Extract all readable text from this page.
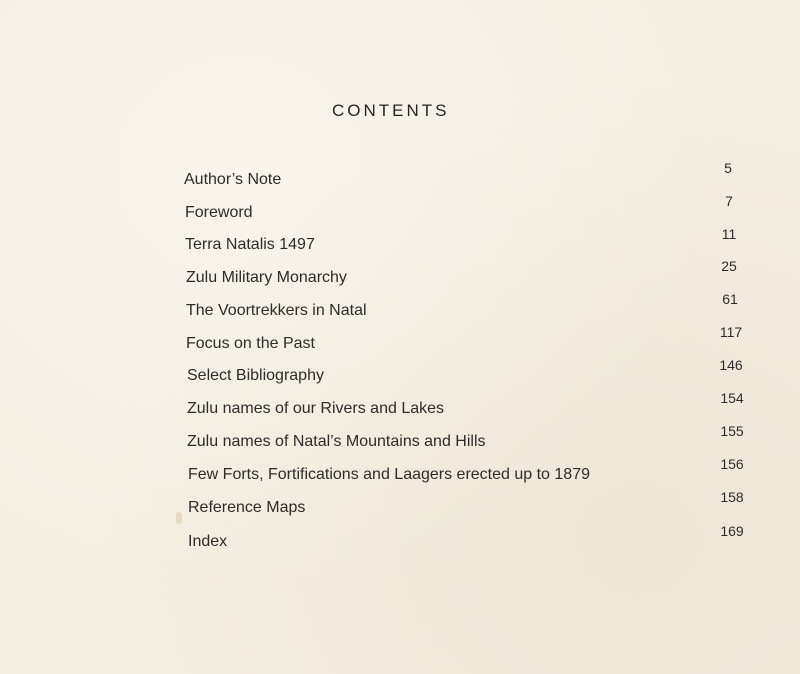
CONTENTS
Author’s Note
5
Foreword
7
Terra Natalis 1497
11
Zulu Military Monarchy
25
The Voortrekkers in Natal
61
Focus on the Past
117
Select Bibliography
146
Zulu names of our Rivers and Lakes
154
Zulu names of Natal’s Mountains and Hills
155
Few Forts, Fortifications and Laagers erected up to 1879
156
Reference Maps
158
Index
169
